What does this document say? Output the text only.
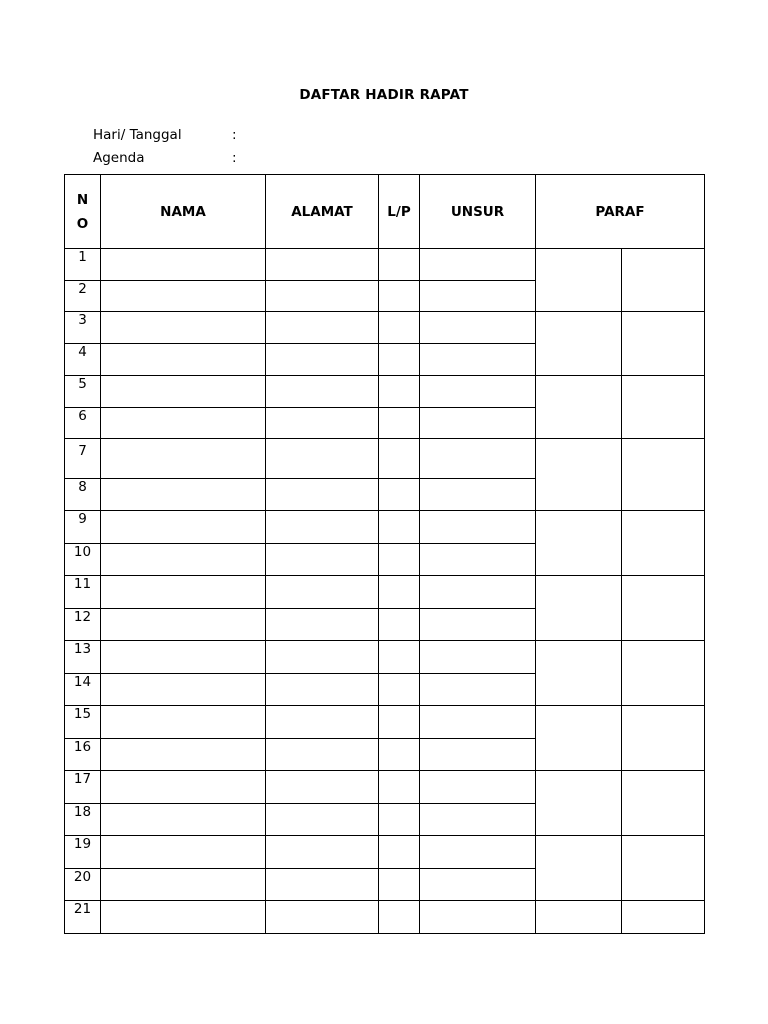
DAFTAR HADIR RAPAT
Hari/ Tanggal	:
Agenda	:
N
O	NAMA	ALAMAT	L/P	UNSUR	PARAF	
1						
2						
3						
4						
5						
6						
7						
8						
9						
10						
11						
12						
13						
14						
15						
16						
17						
18						
19						
20						
21						
